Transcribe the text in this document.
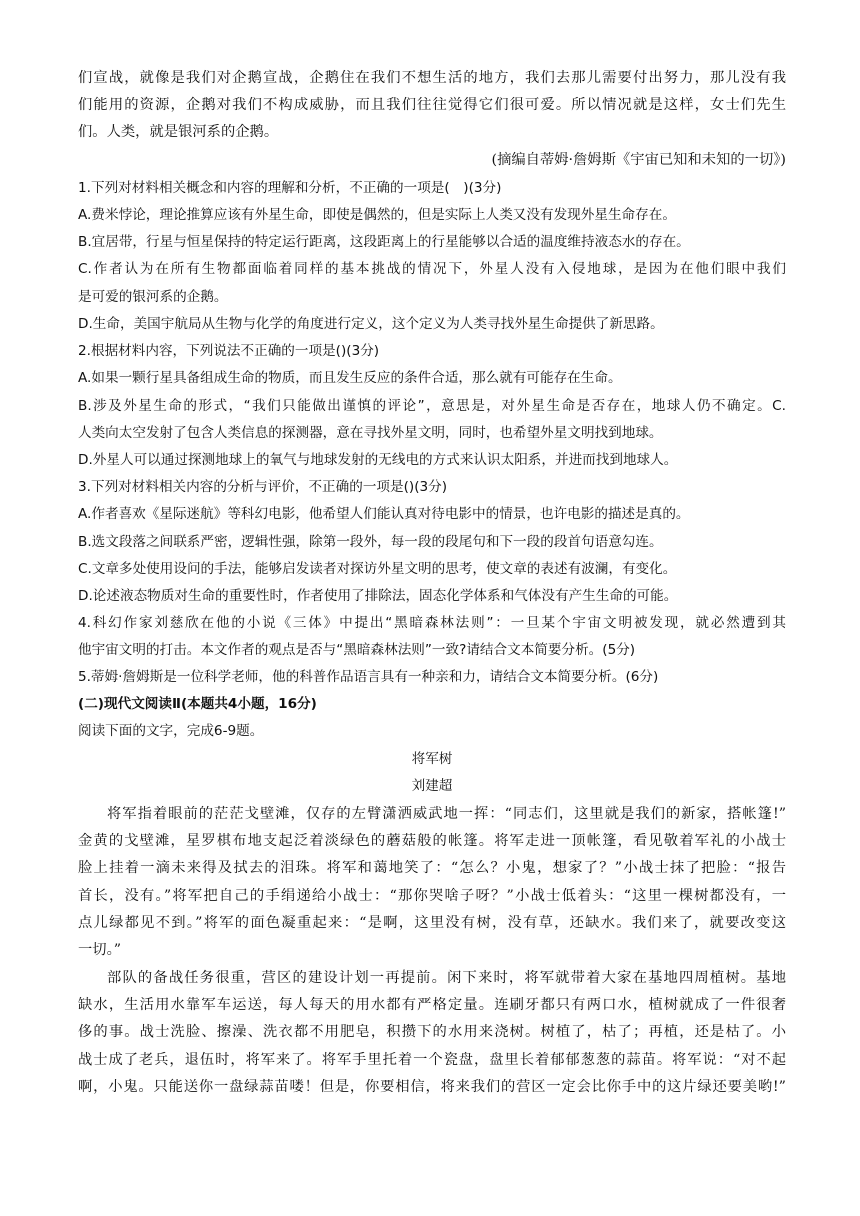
们宣战，就像是我们对企鹅宣战，企鹅住在我们不想生活的地方，我们去那儿需要付出努力，那儿没有我
们能用的资源，企鹅对我们不构成威胁，而且我们往往觉得它们很可爱。所以情况就是这样，女士们先生
们。人类，就是银河系的企鹅。
(摘编自蒂姆·詹姆斯《宇宙已知和未知的一切》)
1.下列对材料相关概念和内容的理解和分析，不正确的一项是(　)(3分)
A.费米悖论，理论推算应该有外星生命，即使是偶然的，但是实际上人类又没有发现外星生命存在。
B.宜居带，行星与恒星保持的特定运行距离，这段距离上的行星能够以合适的温度维持液态水的存在。
C.作者认为在所有生物都面临着同样的基本挑战的情况下，外星人没有入侵地球，是因为在他们眼中我们
是可爱的银河系的企鹅。
D.生命，美国宇航局从生物与化学的角度进行定义，这个定义为人类寻找外星生命提供了新思路。
2.根据材料内容，下列说法不正确的一项是()(3分)
A.如果一颗行星具备组成生命的物质，而且发生反应的条件合适，那么就有可能存在生命。
B.涉及外星生命的形式，“我们只能做出谨慎的评论”，意思是，对外星生命是否存在，地球人仍不确定。C.
人类向太空发射了包含人类信息的探测器，意在寻找外星文明，同时，也希望外星文明找到地球。
D.外星人可以通过探测地球上的氧气与地球发射的无线电的方式来认识太阳系，并进而找到地球人。
3.下列对材料相关内容的分析与评价，不正确的一项是()(3分)
A.作者喜欢《星际迷航》等科幻电影，他希望人们能认真对待电影中的情景，也许电影的描述是真的。
B.选文段落之间联系严密，逻辑性强，除第一段外，每一段的段尾句和下一段的段首句语意勾连。
C.文章多处使用设问的手法，能够启发读者对探访外星文明的思考，使文章的表述有波澜，有变化。
D.论述液态物质对生命的重要性时，作者使用了排除法，固态化学体系和气体没有产生生命的可能。
4.科幻作家刘慈欣在他的小说《三体》中提出“黑暗森林法则”：一旦某个宇宙文明被发现，就必然遭到其
他宇宙文明的打击。本文作者的观点是否与“黑暗森林法则”一致?请结合文本简要分析。(5分)
5.蒂姆·詹姆斯是一位科学老师，他的科普作品语言具有一种亲和力，请结合文本简要分析。(6分)
(二)现代文阅读Ⅱ(本题共4小题，16分)
阅读下面的文字，完成6-9题。
将军树
刘建超
将军指着眼前的茫茫戈壁滩，仅存的左臂潇洒威武地一挥：“同志们，这里就是我们的新家，搭帐篷!”
金黄的戈壁滩，星罗棋布地支起泛着淡绿色的蘑菇般的帐篷。将军走进一顶帐篷，看见敬着军礼的小战士
脸上挂着一滴未来得及拭去的泪珠。将军和蔼地笑了：“怎么？小鬼，想家了？”小战士抹了把脸：“报告
首长，没有。”将军把自己的手绢递给小战士：“那你哭啥子呀？”小战士低着头：“这里一棵树都没有，一
点儿绿都见不到。”将军的面色凝重起来：“是啊，这里没有树，没有草，还缺水。我们来了，就要改变这
一切。”
部队的备战任务很重，营区的建设计划一再提前。闲下来时，将军就带着大家在基地四周植树。基地
缺水，生活用水靠军车运送，每人每天的用水都有严格定量。连刷牙都只有两口水，植树就成了一件很奢
侈的事。战士洗脸、擦澡、洗衣都不用肥皂，积攒下的水用来浇树。树植了，枯了；再植，还是枯了。小
战士成了老兵，退伍时，将军来了。将军手里托着一个瓷盘，盘里长着郁郁葱葱的蒜苗。将军说：“对不起
啊，小鬼。只能送你一盘绿蒜苗喽！但是，你要相信，将来我们的营区一定会比你手中的这片绿还要美哟!”
